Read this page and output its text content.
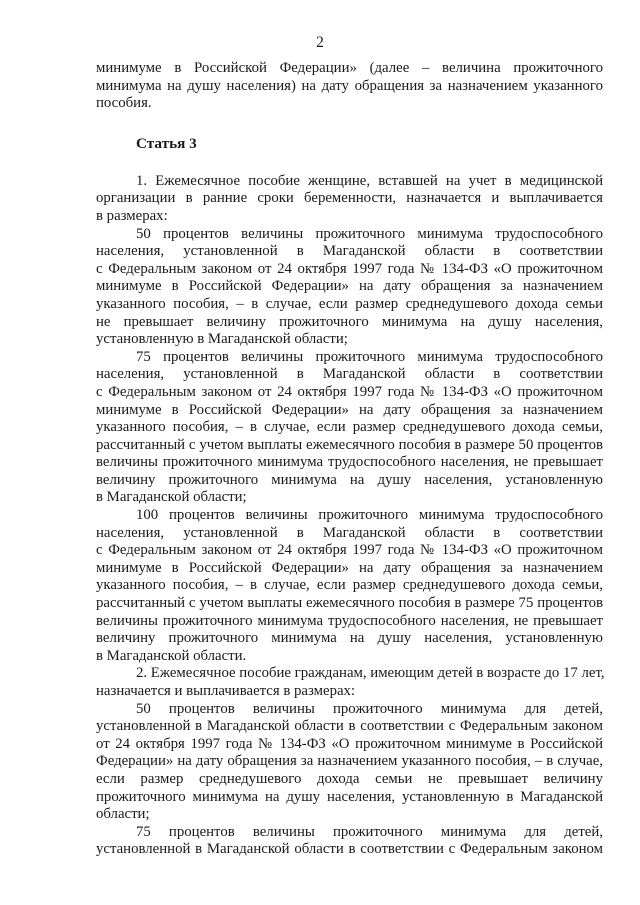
2
минимуме в Российской Федерации» (далее – величина прожиточного
минимума на душу населения) на дату обращения за назначением указанного
пособия.
Статья 3
1. Ежемесячное пособие женщине, вставшей на учет в медицинской
организации в ранние сроки беременности, назначается и выплачивается
в размерах:
50 процентов величины прожиточного минимума трудоспособного
населения, установленной в Магаданской области в соответствии
с Федеральным законом от 24 октября 1997 года № 134-ФЗ «О прожиточном
минимуме в Российской Федерации» на дату обращения за назначением
указанного пособия, – в случае, если размер среднедушевого дохода семьи
не превышает величину прожиточного минимума на душу населения,
установленную в Магаданской области;
75 процентов величины прожиточного минимума трудоспособного
населения, установленной в Магаданской области в соответствии
с Федеральным законом от 24 октября 1997 года № 134-ФЗ «О прожиточном
минимуме в Российской Федерации» на дату обращения за назначением
указанного пособия, – в случае, если размер среднедушевого дохода семьи,
рассчитанный с учетом выплаты ежемесячного пособия в размере 50 процентов
величины прожиточного минимума трудоспособного населения, не превышает
величину прожиточного минимума на душу населения, установленную
в Магаданской области;
100 процентов величины прожиточного минимума трудоспособного
населения, установленной в Магаданской области в соответствии
с Федеральным законом от 24 октября 1997 года № 134-ФЗ «О прожиточном
минимуме в Российской Федерации» на дату обращения за назначением
указанного пособия, – в случае, если размер среднедушевого дохода семьи,
рассчитанный с учетом выплаты ежемесячного пособия в размере 75 процентов
величины прожиточного минимума трудоспособного населения, не превышает
величину прожиточного минимума на душу населения, установленную
в Магаданской области.
2. Ежемесячное пособие гражданам, имеющим детей в возрасте до 17 лет,
назначается и выплачивается в размерах:
50 процентов величины прожиточного минимума для детей,
установленной в Магаданской области в соответствии с Федеральным законом
от 24 октября 1997 года № 134-ФЗ «О прожиточном минимуме в Российской
Федерации» на дату обращения за назначением указанного пособия, – в случае,
если размер среднедушевого дохода семьи не превышает величину
прожиточного минимума на душу населения, установленную в Магаданской
области;
75 процентов величины прожиточного минимума для детей,
установленной в Магаданской области в соответствии с Федеральным законом
